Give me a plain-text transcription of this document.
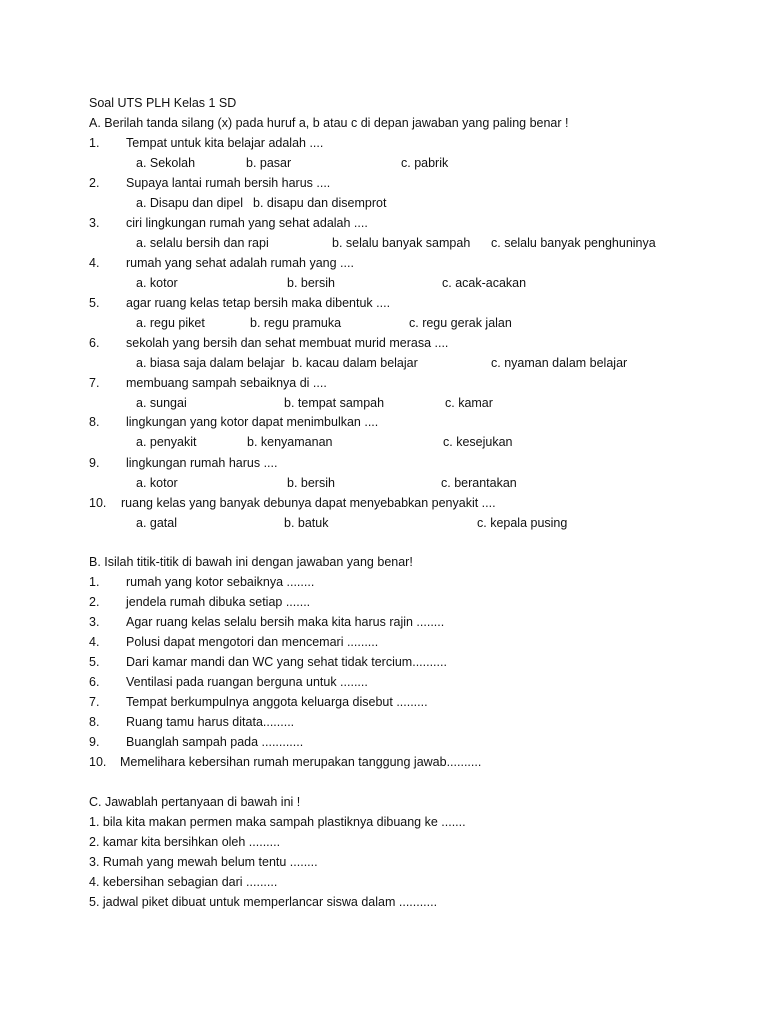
Soal UTS PLH Kelas 1 SD
A. Berilah tanda silang (x) pada huruf a, b atau c di depan jawaban yang paling benar !
1. Tempat untuk kita belajar adalah ....
a. Sekolah	b. pasar	c. pabrik
2. Supaya lantai rumah bersih harus ....
a. Disapu dan dipel b. disapu dan disemprot
3. ciri lingkungan rumah yang sehat adalah ....
a. selalu bersih dan rapi	b. selalu banyak sampah c. selalu banyak penghuninya
4. rumah yang sehat adalah rumah yang ....
a. kotor	b. bersih	c. acak-acakan
5. agar ruang kelas tetap bersih maka dibentuk ....
a. regu piket	b. regu pramuka	c. regu gerak jalan
6. sekolah yang bersih dan sehat membuat murid merasa ....
a. biasa saja dalam belajar b. kacau dalam belajar	c. nyaman dalam belajar
7. membuang sampah sebaiknya di ....
a. sungai	b. tempat sampah	c. kamar
8. lingkungan yang kotor dapat menimbulkan ....
a. penyakit	b. kenyamanan	c. kesejukan
9. lingkungan rumah harus ....
a. kotor	b. bersih	c. berantakan
10. ruang kelas yang banyak debunya dapat menyebabkan penyakit ....
a. gatal	b. batuk	c. kepala pusing
B. Isilah titik-titik di bawah ini dengan jawaban yang benar!
1. rumah yang kotor sebaiknya ........
2. jendela rumah dibuka setiap .......
3. Agar ruang kelas selalu bersih maka kita harus rajin ........
4. Polusi dapat mengotori dan mencemari .........
5. Dari kamar mandi dan WC yang sehat tidak tercium..........
6. Ventilasi pada ruangan berguna untuk ........
7. Tempat berkumpulnya anggota keluarga disebut .........
8. Ruang tamu harus ditata.........
9. Buanglah sampah pada ............
10. Memelihara kebersihan rumah merupakan tanggung jawab..........
C. Jawablah pertanyaan di bawah ini !
1. bila kita makan permen maka sampah plastiknya dibuang ke .......
2. kamar kita bersihkan oleh .........
3. Rumah yang mewah belum tentu ........
4. kebersihan sebagian dari .........
5. jadwal piket dibuat untuk memperlancar siswa dalam ...........
